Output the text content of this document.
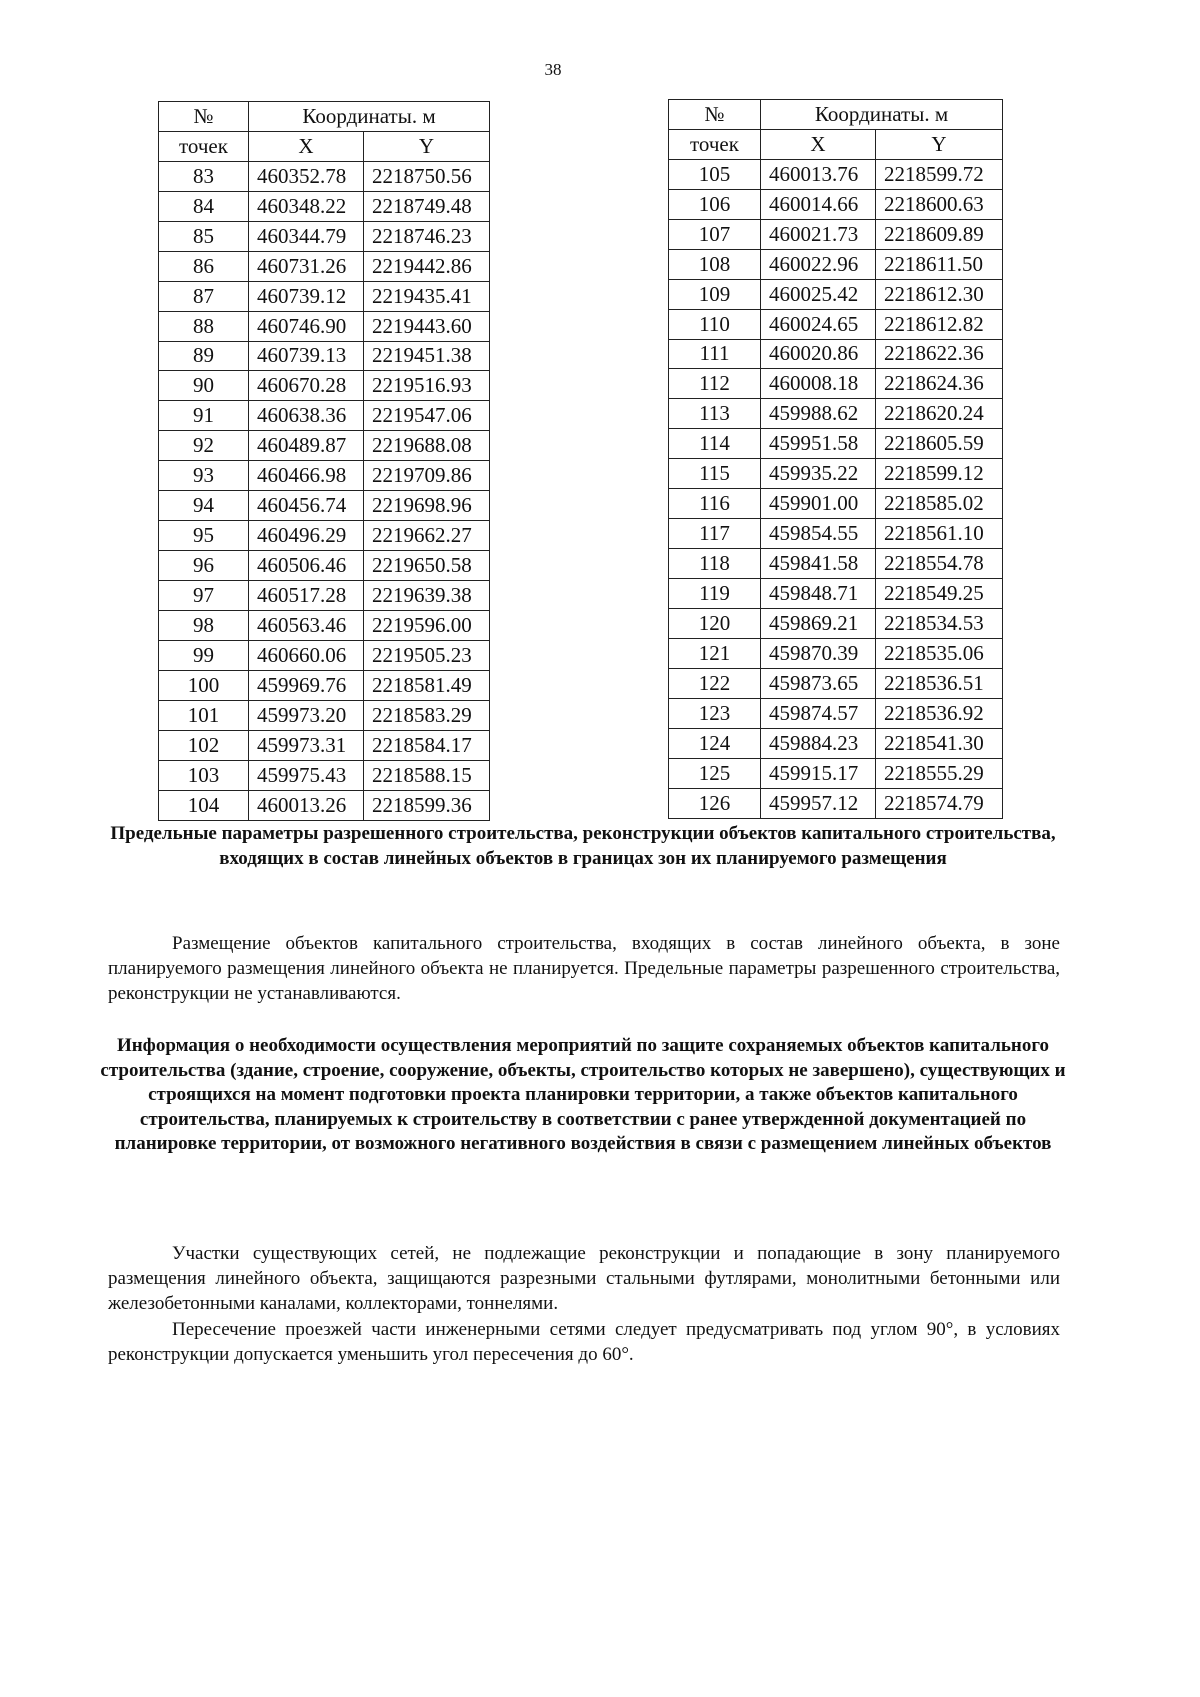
38
№	Координаты. м	
точек	X	Y
83	460352.78	2218750.56
84	460348.22	2218749.48
85	460344.79	2218746.23
86	460731.26	2219442.86
87	460739.12	2219435.41
88	460746.90	2219443.60
89	460739.13	2219451.38
90	460670.28	2219516.93
91	460638.36	2219547.06
92	460489.87	2219688.08
93	460466.98	2219709.86
94	460456.74	2219698.96
95	460496.29	2219662.27
96	460506.46	2219650.58
97	460517.28	2219639.38
98	460563.46	2219596.00
99	460660.06	2219505.23
100	459969.76	2218581.49
101	459973.20	2218583.29
102	459973.31	2218584.17
103	459975.43	2218588.15
104	460013.26	2218599.36
№	Координаты. м	
точек	X	Y
105	460013.76	2218599.72
106	460014.66	2218600.63
107	460021.73	2218609.89
108	460022.96	2218611.50
109	460025.42	2218612.30
110	460024.65	2218612.82
111	460020.86	2218622.36
112	460008.18	2218624.36
113	459988.62	2218620.24
114	459951.58	2218605.59
115	459935.22	2218599.12
116	459901.00	2218585.02
117	459854.55	2218561.10
118	459841.58	2218554.78
119	459848.71	2218549.25
120	459869.21	2218534.53
121	459870.39	2218535.06
122	459873.65	2218536.51
123	459874.57	2218536.92
124	459884.23	2218541.30
125	459915.17	2218555.29
126	459957.12	2218574.79
Предельные параметры разрешенного строительства, реконструкции объектов капитального строительства, входящих в состав линейных объектов в границах зон их планируемого размещения
Размещение объектов капитального строительства, входящих в состав линейного объекта, в зоне планируемого размещения линейного объекта не планируется. Предельные параметры разрешенного строительства, реконструкции не устанавливаются.
Информация о необходимости осуществления мероприятий по защите сохраняемых объектов капитального строительства (здание, строение, сооружение, объекты, строительство которых не завершено), существующих и строящихся на момент подготовки проекта планировки территории, а также объектов капитального строительства, планируемых к строительству в соответствии с ранее утвержденной документацией по планировке территории, от возможного негативного воздействия в связи с размещением линейных объектов
Участки существующих сетей, не подлежащие реконструкции и попадающие в зону планируемого размещения линейного объекта, защищаются разрезными стальными футлярами, монолитными бетонными или железобетонными каналами, коллекторами, тоннелями.
Пересечение проезжей части инженерными сетями следует предусматривать под углом 90°, в условиях реконструкции допускается уменьшить угол пересечения до 60°.
